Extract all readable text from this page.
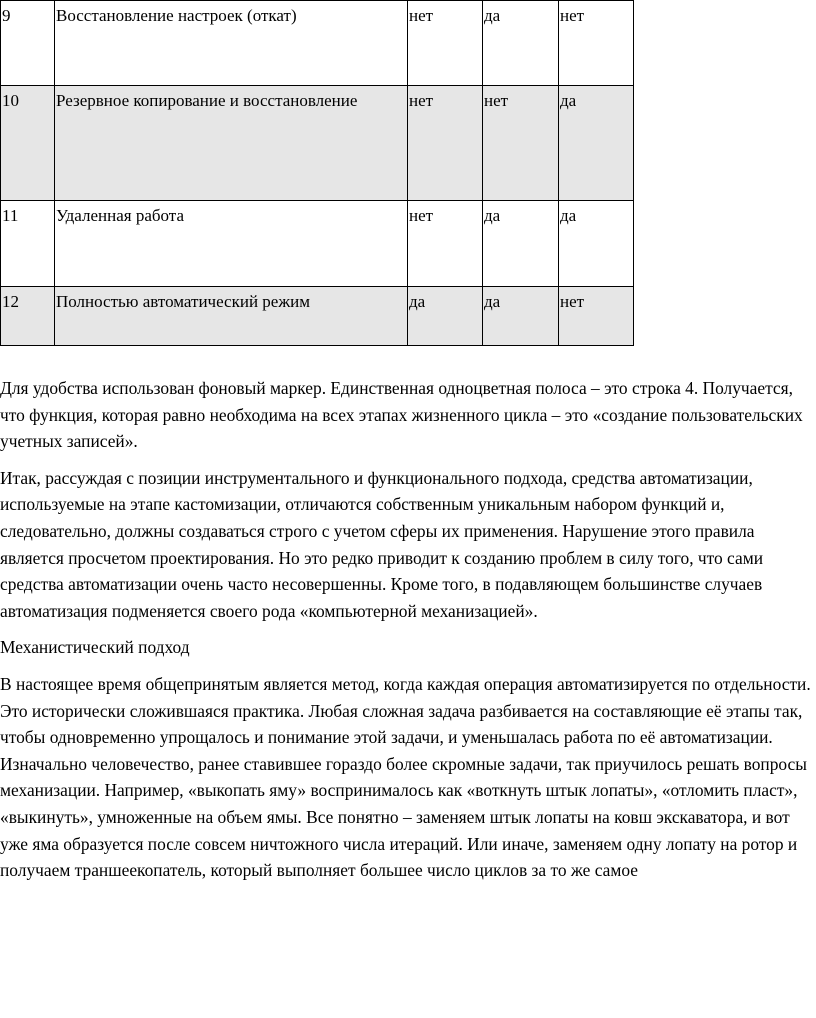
9	Восстановление настроек (откат)	нет	да	нет
10	Резервное копирование и восстановление	нет	нет	да
11	Удаленная работа	нет	да	да
12	Полностью автоматический режим	да	да	нет

Для удобства использован фоновый маркер. Единственная одноцветная полоса – это строка 4. Получается, что функция, которая равно необходима на всех этапах жизненного цикла – это «создание пользовательских учетных записей».

Итак, рассуждая с позиции инструментального и функционального подхода, средства автоматизации, используемые на этапе кастомизации, отличаются собственным уникальным набором функций и, следовательно, должны создаваться строго с учетом сферы их применения. Нарушение этого правила является просчетом проектирования. Но это редко приводит к созданию проблем в силу того, что сами средства автоматизации очень часто несовершенны. Кроме того, в подавляющем большинстве случаев автоматизация подменяется своего рода «компьютерной механизацией».

Механистический подход

В настоящее время общепринятым является метод, когда каждая операция автоматизируется по отдельности. Это исторически сложившаяся практика. Любая сложная задача разбивается на составляющие её этапы так, чтобы одновременно упрощалось и понимание этой задачи, и уменьшалась работа по её автоматизации. Изначально человечество, ранее ставившее гораздо более скромные задачи, так приучилось решать вопросы механизации. Например, «выкопать яму» воспринималось как «воткнуть штык лопаты», «отломить пласт», «выкинуть», умноженные на объем ямы. Все понятно – заменяем штык лопаты на ковш экскаватора, и вот уже яма образуется после совсем ничтожного числа итераций. Или иначе, заменяем одну лопату на ротор и получаем траншеекопатель, который выполняет большее число циклов за то же самое
